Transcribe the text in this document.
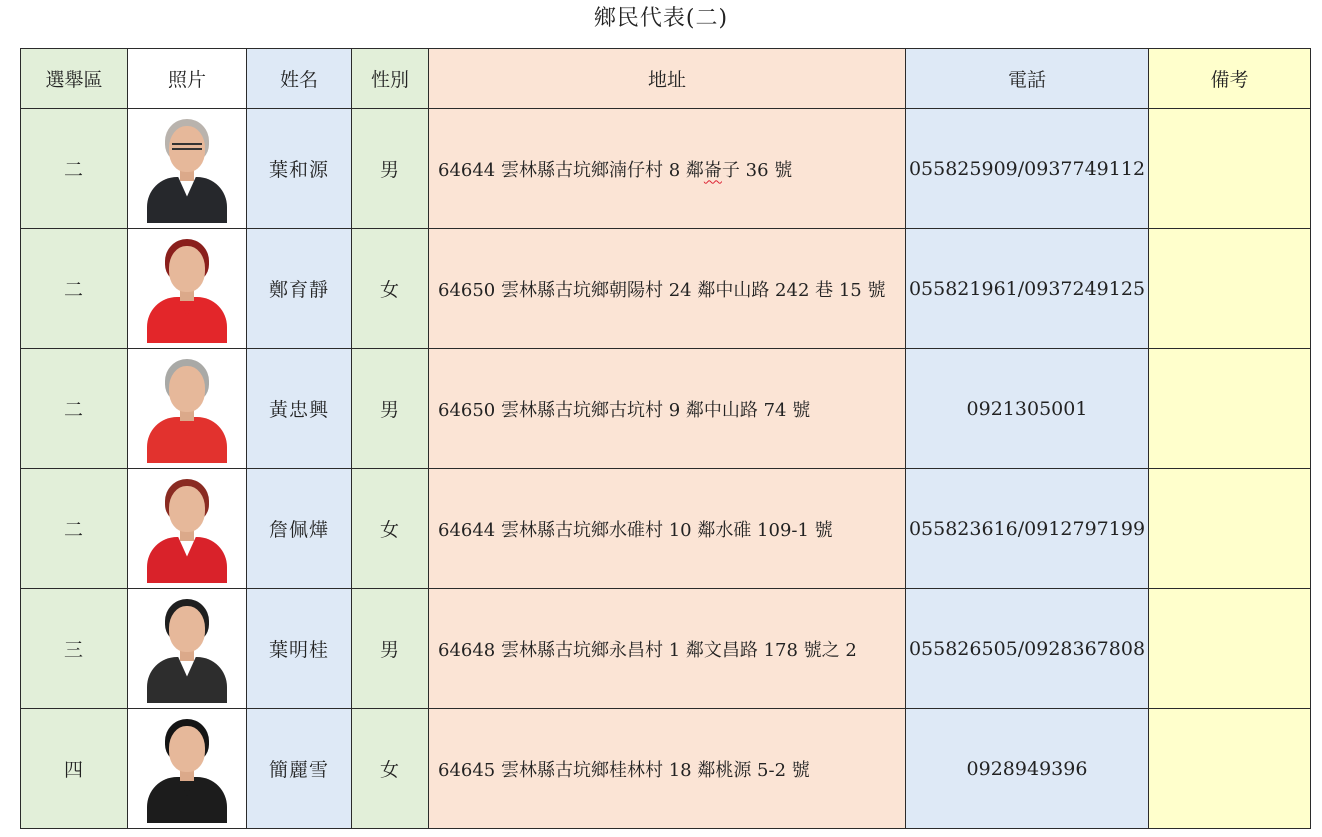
鄉民代表(二)
選舉區	照片	姓名	性別	地址	電話	備考
二		葉和源	男	64644 雲林縣古坑鄉湳仔村 8 鄰崙子 36 號	055825909/0937749112	
二		鄭育靜	女	64650 雲林縣古坑鄉朝陽村 24 鄰中山路 242 巷 15 號	055821961/0937249125	
二		黃忠興	男	64650 雲林縣古坑鄉古坑村 9 鄰中山路 74 號	0921305001	
二		詹佩燁	女	64644 雲林縣古坑鄉水碓村 10 鄰水碓 109-1 號	055823616/0912797199	
三		葉明桂	男	64648 雲林縣古坑鄉永昌村 1 鄰文昌路 178 號之 2	055826505/0928367808	
四		簡麗雪	女	64645 雲林縣古坑鄉桂林村 18 鄰桃源 5-2 號	0928949396	
